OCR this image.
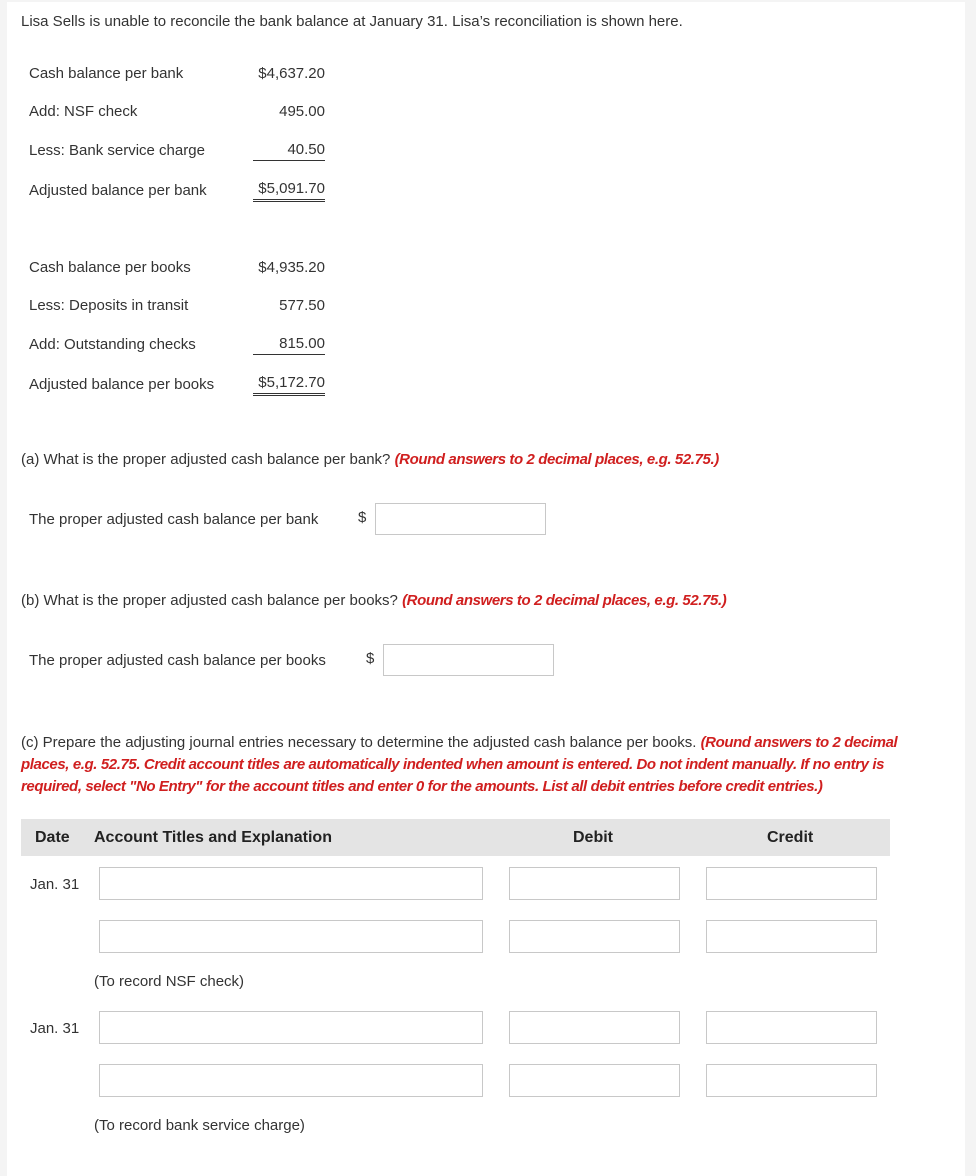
Lisa Sells is unable to reconcile the bank balance at January 31. Lisa’s reconciliation is shown here.
Cash balance per bank	$4,637.20
Add: NSF check	495.00
Less: Bank service charge	40.50
Adjusted balance per bank	$5,091.70
Cash balance per books	$4,935.20
Less: Deposits in transit	577.50
Add: Outstanding checks	815.00
Adjusted balance per books	$5,172.70
(a) What is the proper adjusted cash balance per bank? (Round answers to 2 decimal places, e.g. 52.75.)
The proper adjusted cash balance per bank	$
(b) What is the proper adjusted cash balance per books? (Round answers to 2 decimal places, e.g. 52.75.)
The proper adjusted cash balance per books	$
(c) Prepare the adjusting journal entries necessary to determine the adjusted cash balance per books. (Round answers to 2 decimal places, e.g. 52.75. Credit account titles are automatically indented when amount is entered. Do not indent manually. If no entry is required, select "No Entry" for the account titles and enter 0 for the amounts. List all debit entries before credit entries.)
Date Account Titles and Explanation	Debit	Credit
Jan. 31
(To record NSF check)
Jan. 31
(To record bank service charge)
